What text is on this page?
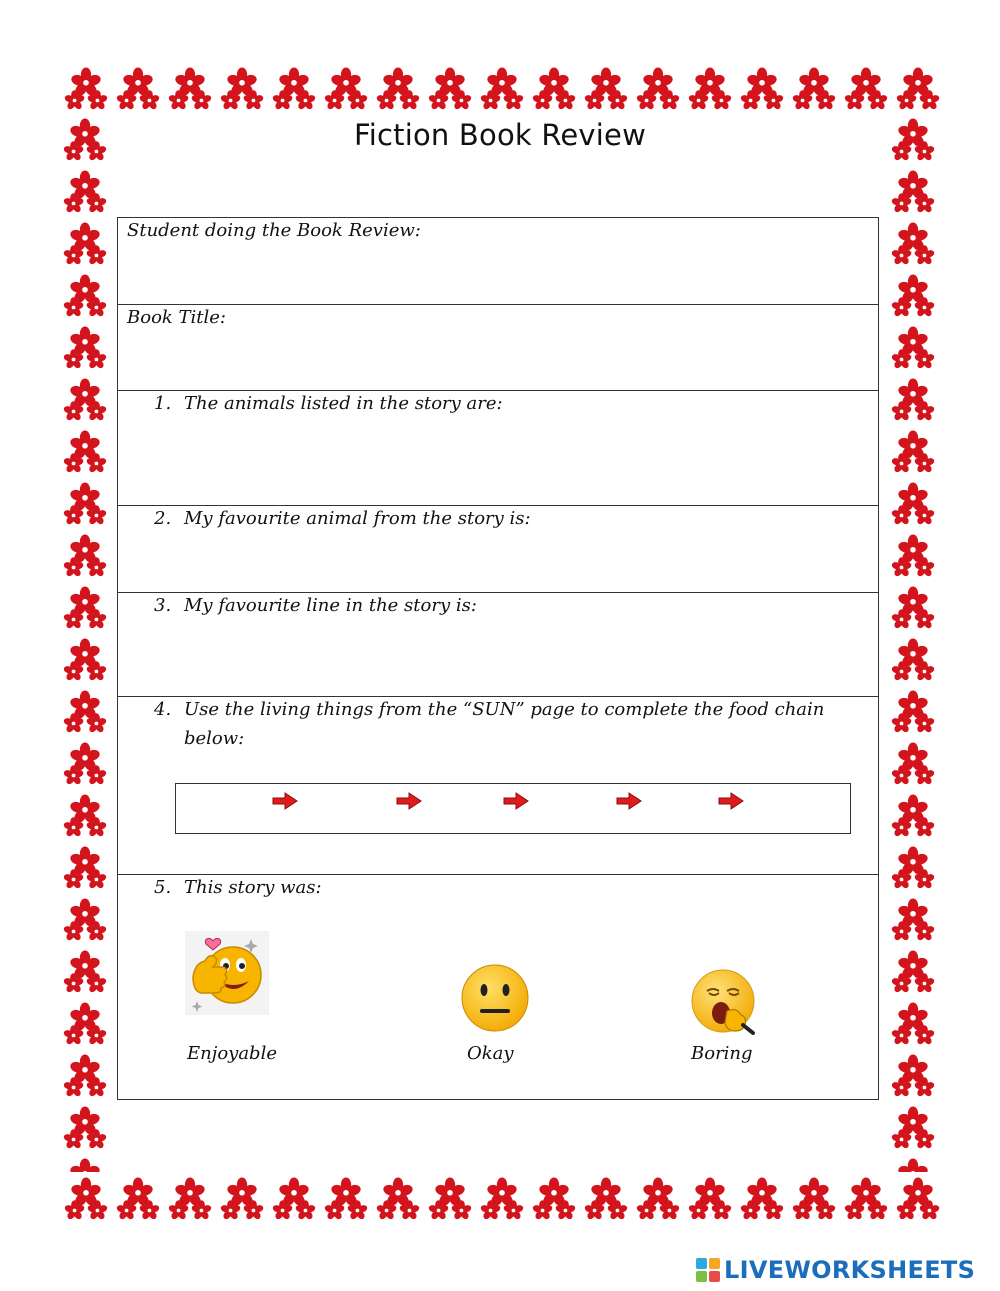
Fiction Book Review
Student doing the Book Review:
Book Title:
1. The animals listed in the story are:
2. My favourite animal from the story is:
3. My favourite line in the story is:
4. Use the living things from the “SUN” page to complete the food chain below:
5. This story was:
Enjoyable	Okay	Boring
LIVEWORKSHEETS
